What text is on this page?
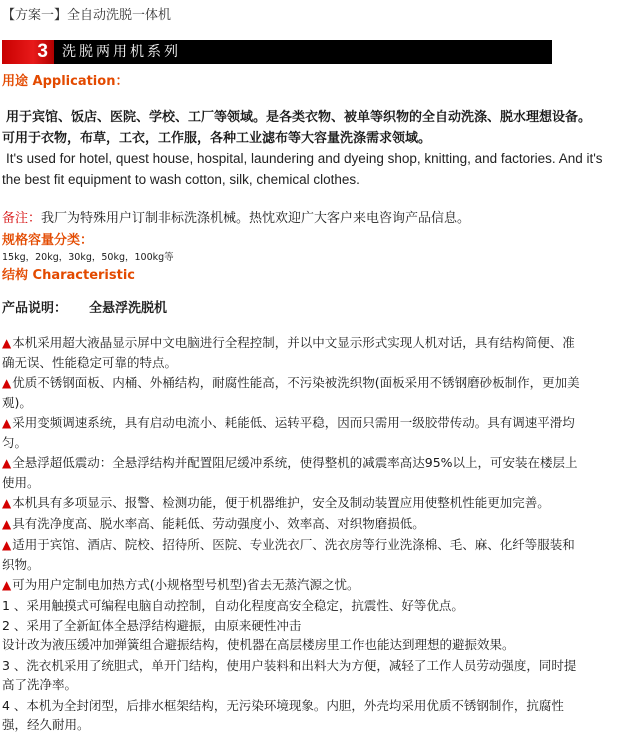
【方案一】全自动洗脱一体机
3	洗脱两用机系列
用途 Application：
用于宾馆、饭店、医院、学校、工厂等领域。是各类衣物、被单等织物的全自动洗涤、脱水理想设备。
可用于衣物，布草，工衣，工作服，各种工业滤布等大容量洗涤需求领域。
It's used for hotel, quest house, hospital, laundering and dyeing shop, knitting, and factories. And it's
the best fit equipment to wash cotton, silk, chemical clothes.
备注：我厂为特殊用户订制非标洗涤机械。热忱欢迎广大客户来电咨询产品信息。
规格容量分类：
15kg，20kg，30kg，50kg，100kg等
结构 Characteristic
产品说明： 全悬浮洗脱机
▲本机采用超大液晶显示屏中文电脑进行全程控制，并以中文显示形式实现人机对话，具有结构简便、准
确无误、性能稳定可靠的特点。
▲优质不锈钢面板、内桶、外桶结构，耐腐性能高，不污染被洗织物(面板采用不锈钢磨砂板制作，更加美
观)。
▲采用变频调速系统，具有启动电流小、耗能低、运转平稳，因而只需用一级胶带传动。具有调速平滑均
匀。
▲全悬浮超低震动：全悬浮结构并配置阻尼缓冲系统，使得整机的减震率高达95%以上，可安装在楼层上
使用。
▲本机具有多项显示、报警、检测功能，便于机器维护，安全及制动装置应用使整机性能更加完善。
▲具有洗净度高、脱水率高、能耗低、劳动强度小、效率高、对织物磨损低。
▲适用于宾馆、酒店、院校、招待所、医院、专业洗衣厂、洗衣房等行业洗涤棉、毛、麻、化纤等服装和
织物。
▲可为用户定制电加热方式(小规格型号机型)省去无蒸汽源之忧。
1 、采用触摸式可编程电脑自动控制，自动化程度高安全稳定，抗震性、好等优点。
2 、采用了全新缸体全悬浮结构避振，由原来硬性冲击
设计改为液压缓冲加弹簧组合避振结构，使机器在高层楼房里工作也能达到理想的避振效果。
3 、洗衣机采用了统胆式，单开门结构，使用户装料和出料大为方便，减轻了工作人员劳动强度，同时提
高了洗净率。
4 、本机为全封闭型，后排水框架结构，无污染环境现象。内胆，外壳均采用优质不锈钢制作，抗腐性
强，经久耐用。
